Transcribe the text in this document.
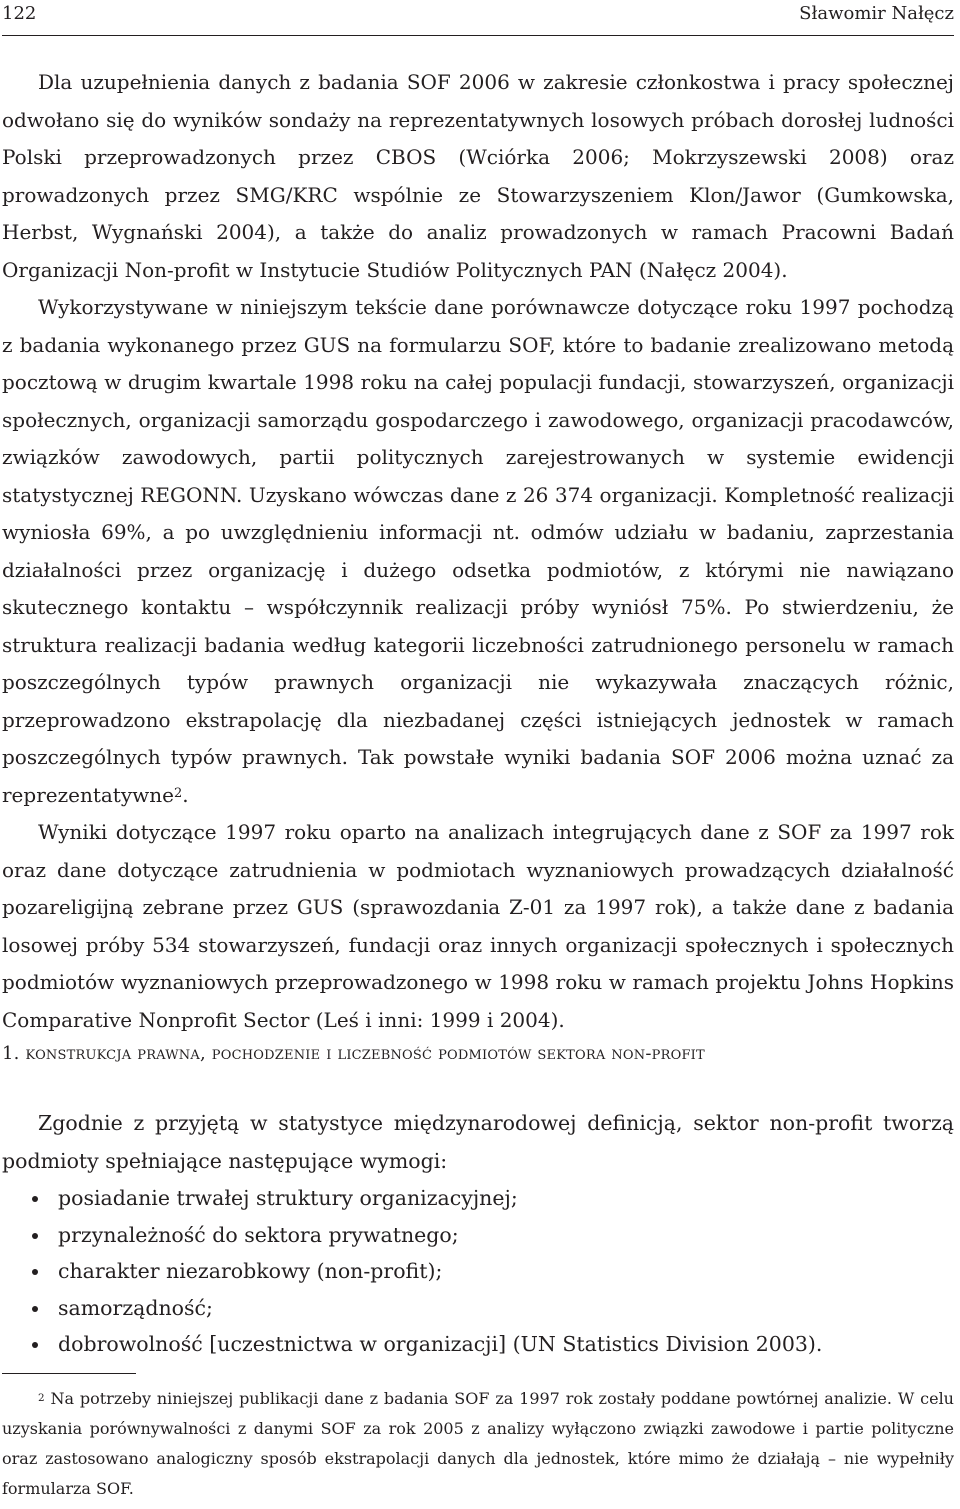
122	Sławomir Nałęcz

Dla uzupełnienia danych z badania SOF 2006 w zakresie członkostwa i pracy społecznej odwołano się do wyników sondaży na reprezentatywnych losowych próbach dorosłej ludności Polski przeprowadzonych przez CBOS (Wciórka 2006; Mokrzyszewski 2008) oraz prowadzonych przez SMG/KRC wspólnie ze Stowarzyszeniem Klon/Jawor (Gumkowska, Herbst, Wygnański 2004), a także do analiz prowadzonych w ramach Pracowni Badań Organizacji Non-profit w Instytucie Studiów Politycznych PAN (Nałęcz 2004).

Wykorzystywane w niniejszym tekście dane porównawcze dotyczące roku 1997 pochodzą z badania wykonanego przez GUS na formularzu SOF, które to badanie zrealizowano metodą pocztową w drugim kwartale 1998 roku na całej populacji fundacji, stowarzyszeń, organizacji społecznych, organizacji samorządu gospodarczego i zawodowego, organizacji pracodawców, związków zawodowych, partii politycznych zarejestrowanych w systemie ewidencji statystycznej REGONN. Uzyskano wówczas dane z 26 374 organizacji. Kompletność realizacji wyniosła 69%, a po uwzględnieniu informacji nt. odmów udziału w badaniu, zaprzestania działalności przez organizację i dużego odsetka podmiotów, z którymi nie nawiązano skutecznego kontaktu – współczynnik realizacji próby wyniósł 75%. Po stwierdzeniu, że struktura realizacji badania według kategorii liczebności zatrudnionego personelu w ramach poszczególnych typów prawnych organizacji nie wykazywała znaczących różnic, przeprowadzono ekstrapolację dla niezbadanej części istniejących jednostek w ramach poszczególnych typów prawnych. Tak powstałe wyniki badania SOF 2006 można uznać za reprezentatywne$^2$.

Wyniki dotyczące 1997 roku oparto na analizach integrujących dane z SOF za 1997 rok oraz dane dotyczące zatrudnienia w podmiotach wyznaniowych prowadzących działalność pozareligijną zebrane przez GUS (sprawozdania Z-01 za 1997 rok), a także dane z badania losowej próby 534 stowarzyszeń, fundacji oraz innych organizacji społecznych i społecznych podmiotów wyznaniowych przeprowadzonego w 1998 roku w ramach projektu Johns Hopkins Comparative Nonprofit Sector (Leś i inni: 1999 i 2004).

1. konstrukcja prawna, pochodzenie i liczebność podmiotów sektora non-profit

Zgodnie z przyjętą w statystyce międzynarodowej definicją, sektor non-profit tworzą podmioty spełniające następujące wymogi:

posiadanie trwałej struktury organizacyjnej;
przynależność do sektora prywatnego;
charakter niezarobkowy (non-profit);
samorządność;
dobrowolność [uczestnictwa w organizacji] (UN Statistics Division 2003).

$^2$ Na potrzeby niniejszej publikacji dane z badania SOF za 1997 rok zostały poddane powtórnej analizie. W celu uzyskania porównywalności z danymi SOF za rok 2005 z analizy wyłączono związki zawodowe i partie polityczne oraz zastosowano analogiczny sposób ekstrapolacji danych dla jednostek, które mimo że działają – nie wypełniły formularza SOF.
